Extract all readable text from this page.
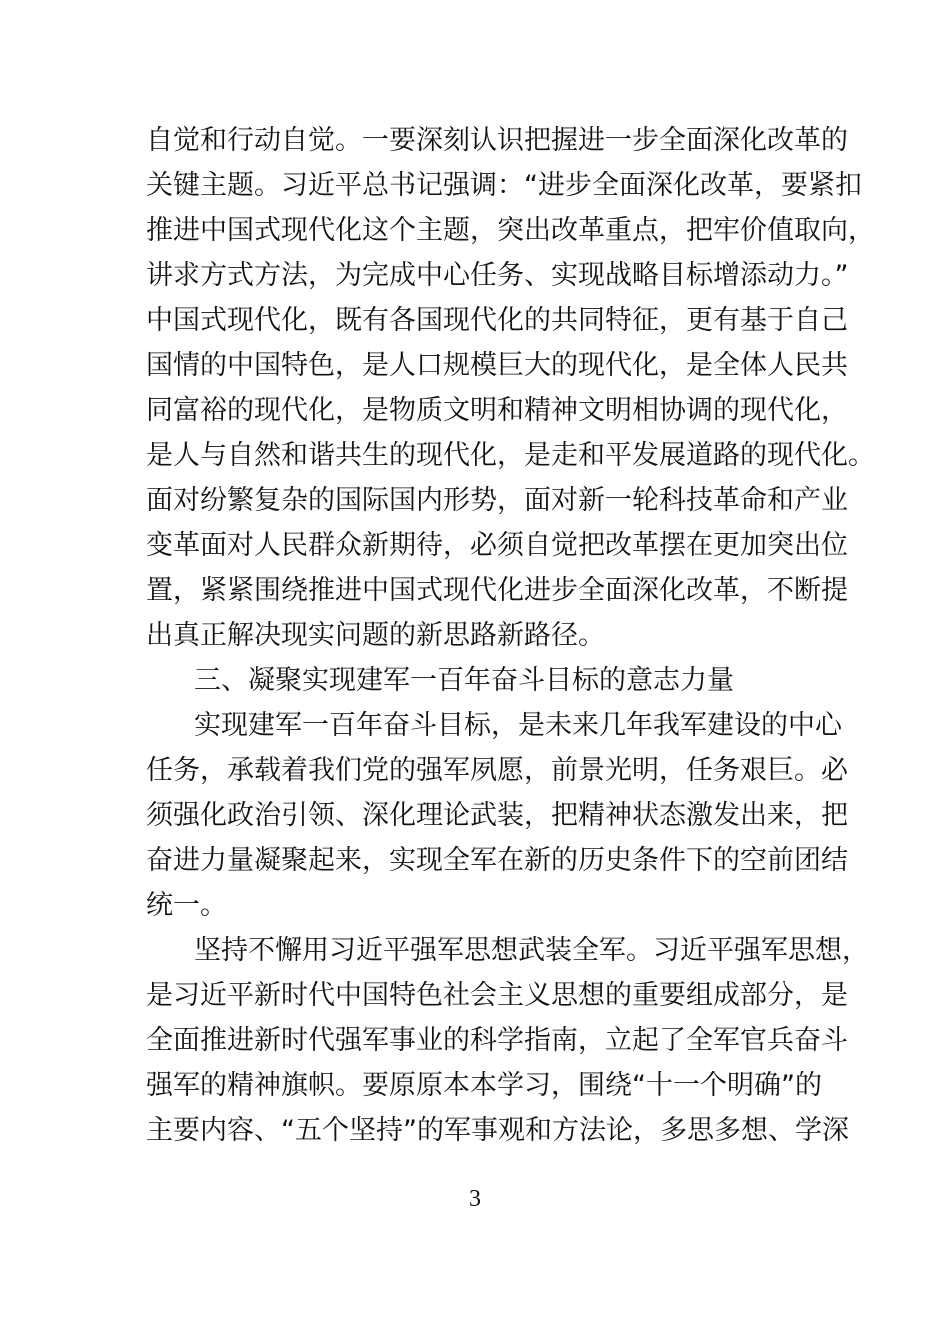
自觉和行动自觉。一要深刻认识把握进一步全面深化改革的
关键主题。习近平总书记强调：“进步全面深化改革，要紧扣
推进中国式现代化这个主题，突出改革重点，把牢价值取向，
讲求方式方法，为完成中心任务、实现战略目标增添动力。”
中国式现代化，既有各国现代化的共同特征，更有基于自己
国情的中国特色，是人口规模巨大的现代化，是全体人民共
同富裕的现代化，是物质文明和精神文明相协调的现代化，
是人与自然和谐共生的现代化，是走和平发展道路的现代化。
面对纷繁复杂的国际国内形势，面对新一轮科技革命和产业
变革面对人民群众新期待，必须自觉把改革摆在更加突出位
置，紧紧围绕推进中国式现代化进步全面深化改革，不断提
出真正解决现实问题的新思路新路径。
三、凝聚实现建军一百年奋斗目标的意志力量
实现建军一百年奋斗目标，是未来几年我军建设的中心
任务，承载着我们党的强军夙愿，前景光明，任务艰巨。必
须强化政治引领、深化理论武装，把精神状态激发出来，把
奋进力量凝聚起来，实现全军在新的历史条件下的空前团结
统一。
坚持不懈用习近平强军思想武装全军。习近平强军思想，
是习近平新时代中国特色社会主义思想的重要组成部分，是
全面推进新时代强军事业的科学指南，立起了全军官兵奋斗
强军的精神旗帜。要原原本本学习，围绕“十一个明确”的
主要内容、“五个坚持”的军事观和方法论，多思多想、学深
3
